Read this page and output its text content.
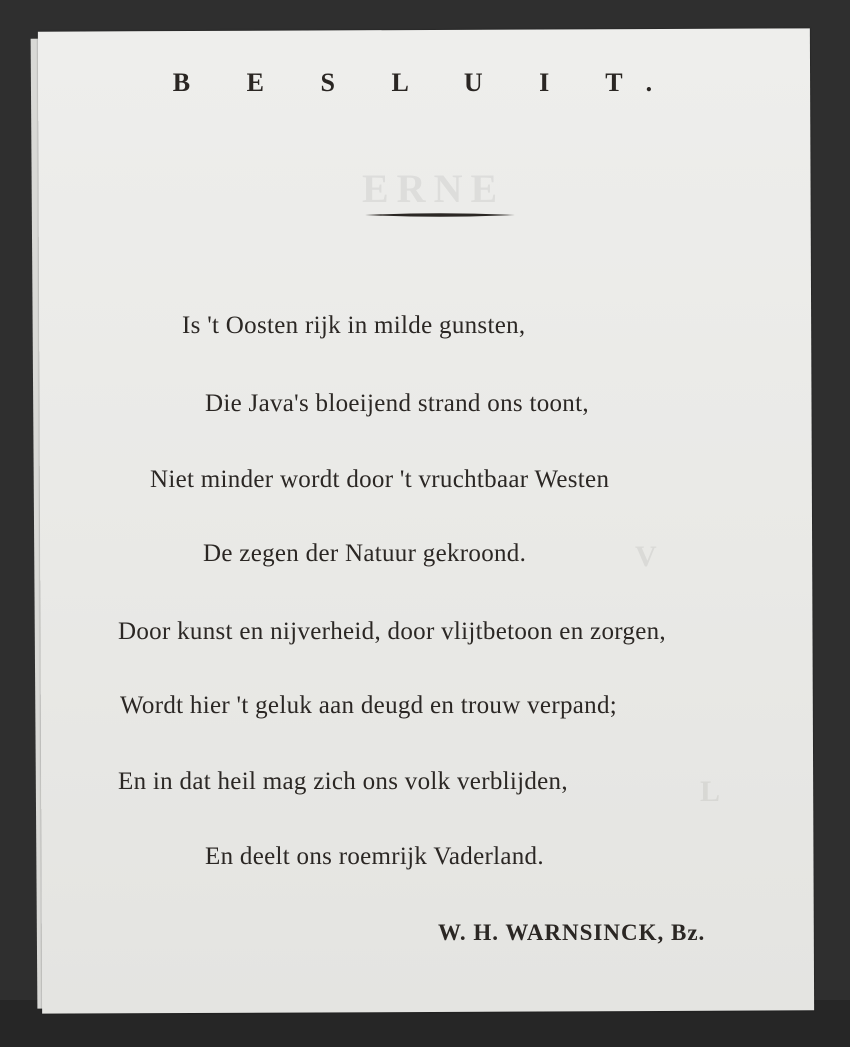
ERNE
V
L
B E S L U I T.
Is 't Oosten rijk in milde gunsten,
Die Java's bloeijend strand ons toont,
Niet minder wordt door 't vruchtbaar Westen
De zegen der Natuur gekroond.
Door kunst en nijverheid, door vlijtbetoon en zorgen,
Wordt hier 't geluk aan deugd en trouw verpand;
En in dat heil mag zich ons volk verblijden,
En deelt ons roemrijk Vaderland.
W. H. WARNSINCK, Bz.
